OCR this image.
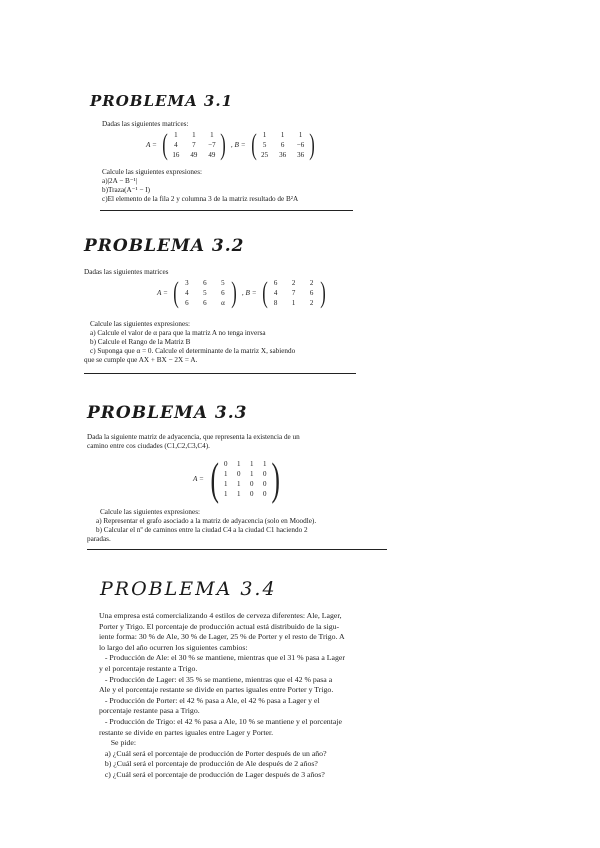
PROBLEMA 3.1

Dadas las siguientes matrices:

A = ( 1	1	1
4	7	−7
16	49	49 ) , B = ( 1	1	1
5	6	−6
25	36	36 )

Calcule las siguientes expresiones:

a)|2A − B⁻¹|

b)Traza(A⁻¹ − I)

c)El elemento de la fila 2 y columna 3 de la matriz resultado de B²A

PROBLEMA 3.2

Dadas las siguientes matrices

A = ( 3	6	5
4	5	6
6	6	α ) , B = ( 6	2	2
4	7	6
8	1	2 )

Calcule las siguientes expresiones:

a) Calcule el valor de α para que la matriz A no tenga inversa

b) Calcule el Rango de la Matriz B

c) Suponga que α = 0. Calcule el determinante de la matriz X, sabiendo

que se cumple que AX + BX − 2X = A.

PROBLEMA 3.3

Dada la siguiente matriz de adyacencia, que representa la existencia de un

camino entre cos ciudades (C1,C2,C3,C4).

A = ( 0 1 1 1
1 0 1 0
1 1 0 0
1 1 0 0 )

Calcule las siguientes expresiones:

a) Representar el grafo asociado a la matriz de adyacencia (solo en Moodle).

b) Calcular el nº de caminos entre la ciudad C4 a la ciudad C1 haciendo 2

paradas.

PROBLEMA 3.4

Una empresa está comercializando 4 estilos de cerveza diferentes: Ale, Lager,

Porter y Trigo. El porcentaje de producción actual está distribuido de la sigu-

iente forma: 30 % de Ale, 30 % de Lager, 25 % de Porter y el resto de Trigo. A

lo largo del año ocurren los siguientes cambios:

- Producción de Ale: el 30 % se mantiene, mientras que el 31 % pasa a Lager

y el porcentaje restante a Trigo.

- Producción de Lager: el 35 % se mantiene, mientras que el 42 % pasa a

Ale y el porcentaje restante se divide en partes iguales entre Porter y Trigo.

- Producción de Porter: el 42 % pasa a Ale, el 42 % pasa a Lager y el

porcentaje restante pasa a Trigo.

- Producción de Trigo: el 42 % pasa a Ale, 10 % se mantiene y el porcentaje

restante se divide en partes iguales entre Lager y Porter.

Se pide:

a) ¿Cuál será el porcentaje de producción de Porter después de un año?

b) ¿Cuál será el porcentaje de producción de Ale después de 2 años?

c) ¿Cuál será el porcentaje de producción de Lager después de 3 años?
